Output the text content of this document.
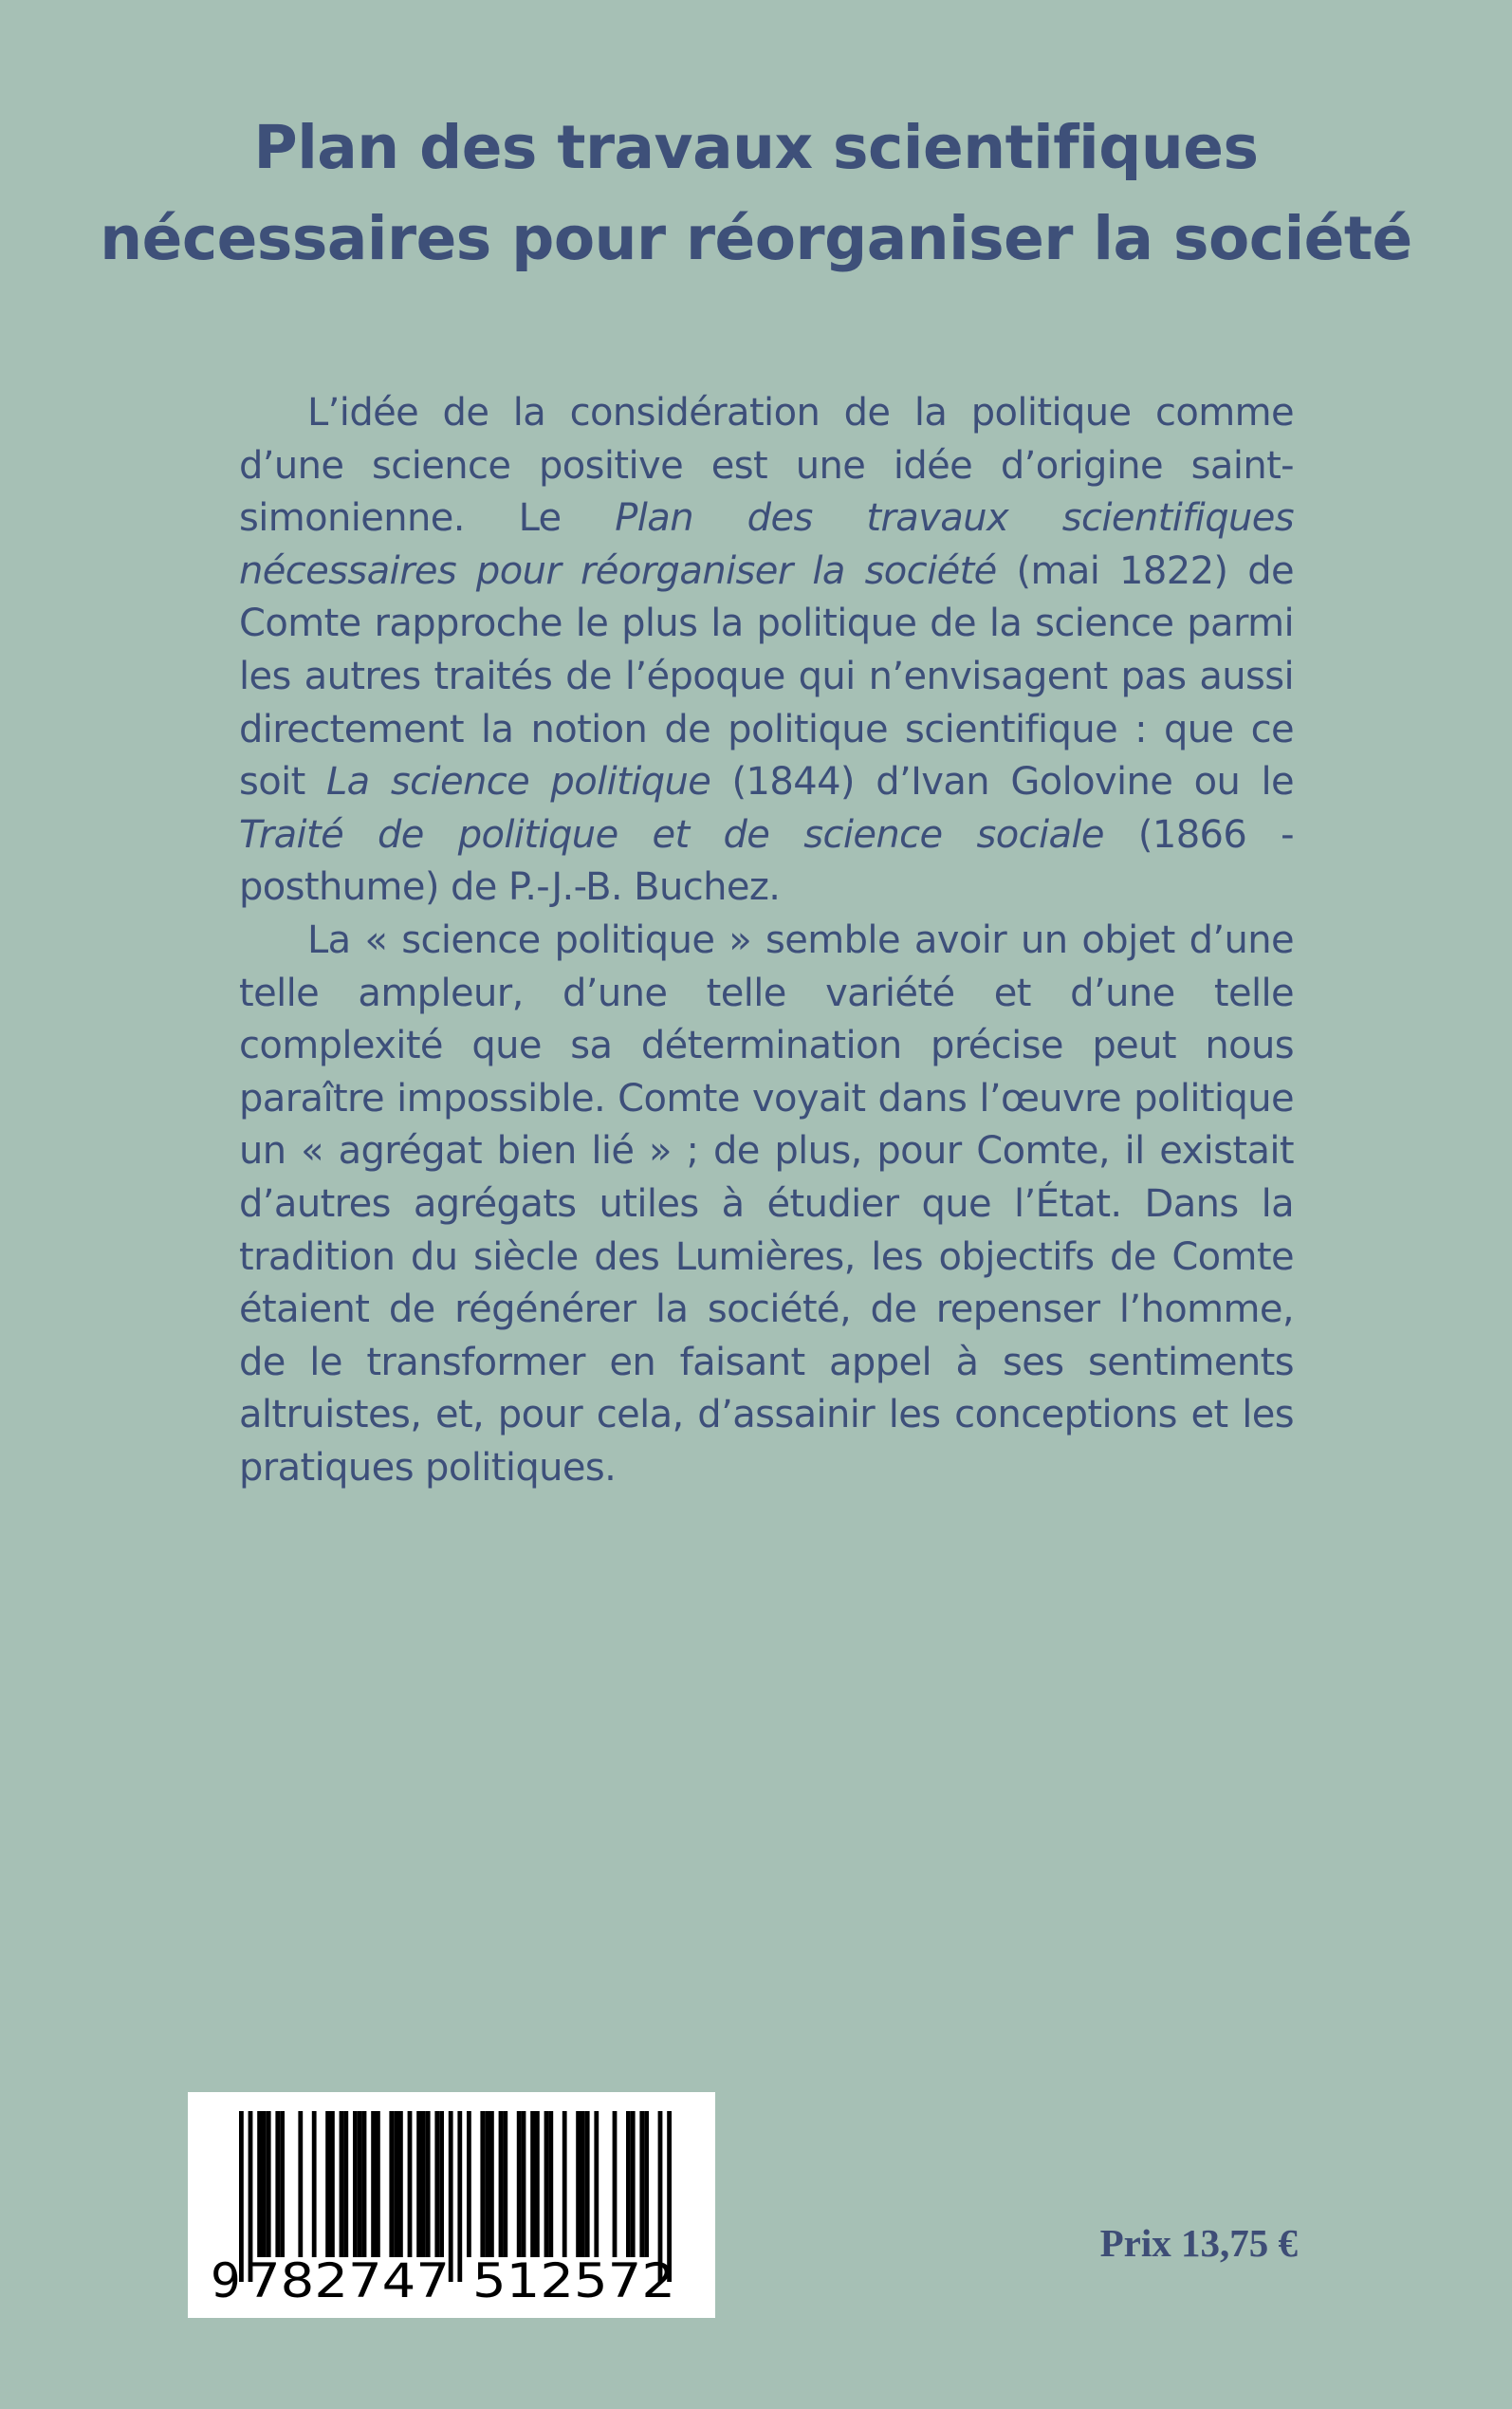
Plan des travaux scientifiques
nécessaires pour réorganiser la société

L’idée de la considération de la politique comme d’une science positive est une idée d’origine saint-simonienne. Le Plan des travaux scientifiques nécessaires pour réorganiser la société (mai 1822) de Comte rapproche le plus la politique de la science parmi les autres traités de l’époque qui n’envisagent pas aussi directement la notion de politique scientifique : que ce soit La science politique (1844) d’Ivan Golovine ou le Traité de politique et de science sociale (1866 - posthume) de P.-J.-B. Buchez.

La « science politique » semble avoir un objet d’une telle ampleur, d’une telle variété et d’une telle complexité que sa détermination précise peut nous paraître impossible. Comte voyait dans l’œuvre politique un « agrégat bien lié » ; de plus, pour Comte, il existait d’autres agrégats utiles à étudier que l’État. Dans la tradition du siècle des Lumières, les objectifs de Comte étaient de régénérer la société, de repenser l’homme, de le transformer en faisant appel à ses sentiments altruistes, et, pour cela, d’assainir les conceptions et les pratiques politiques.

9 782747 512572
Prix 13,75 €
